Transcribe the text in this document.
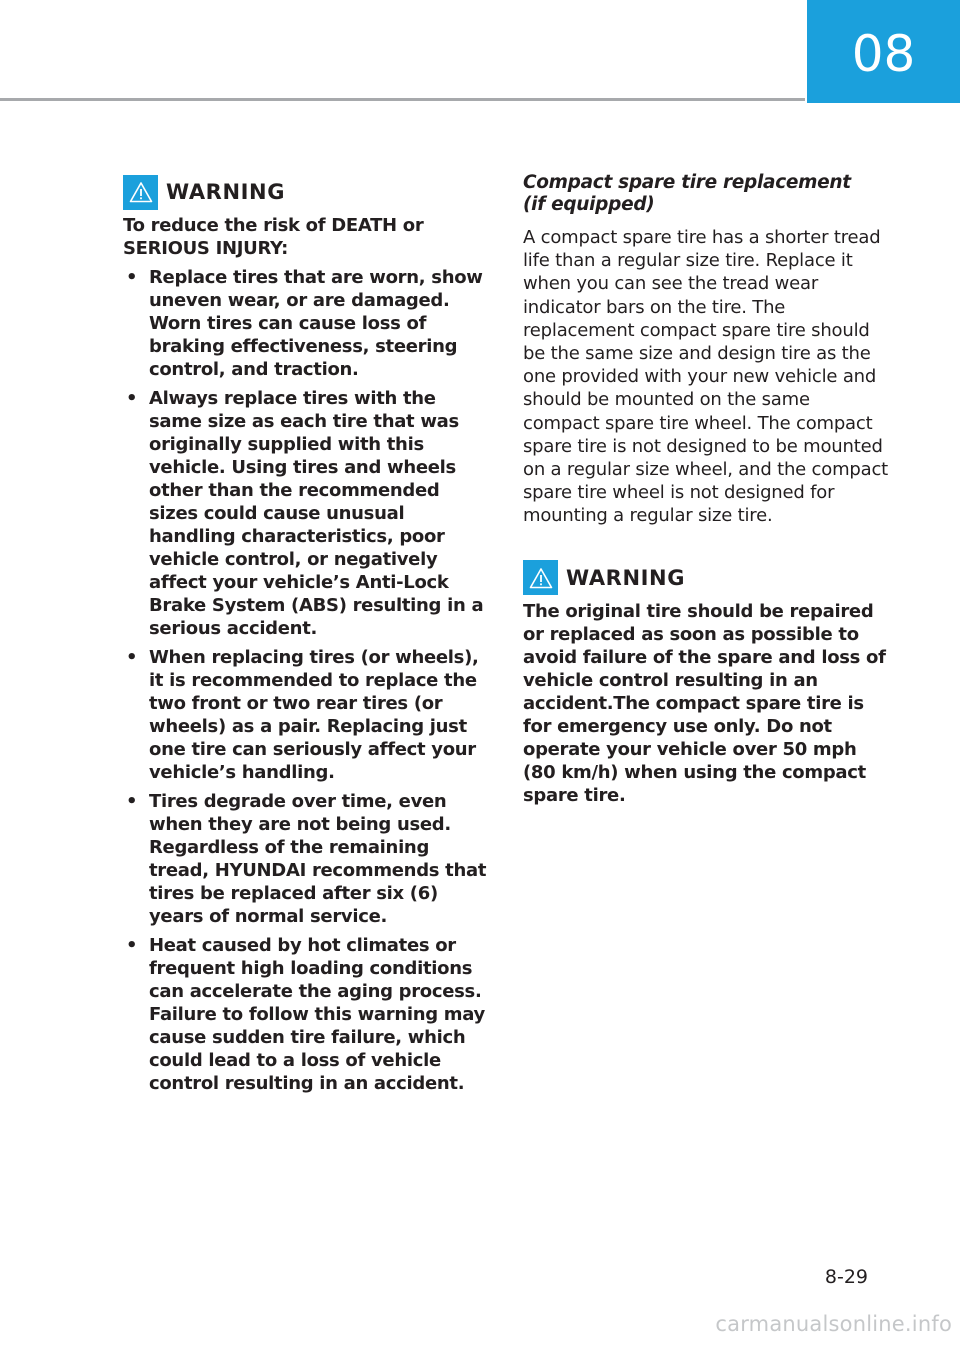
08
WARNING

To reduce the risk of DEATH or SERIOUS INJURY:

• Replace tires that are worn, show uneven wear, or are damaged. Worn tires can cause loss of braking effectiveness, steering control, and traction.
• Always replace tires with the same size as each tire that was originally supplied with this vehicle. Using tires and wheels other than the recommended sizes could cause unusual handling characteristics, poor vehicle control, or negatively affect your vehicle’s Anti-Lock Brake System (ABS) resulting in a serious accident.
• When replacing tires (or wheels), it is recommended to replace the two front or two rear tires (or wheels) as a pair. Replacing just one tire can seriously affect your vehicle’s handling.
• Tires degrade over time, even when they are not being used. Regardless of the remaining tread, HYUNDAI recommends that tires be replaced after six (6) years of normal service.
• Heat caused by hot climates or frequent high loading conditions can accelerate the aging process. Failure to follow this warning may cause sudden tire failure, which could lead to a loss of vehicle control resulting in an accident.

Compact spare tire replacement
(if equipped)

A compact spare tire has a shorter tread life than a regular size tire. Replace it when you can see the tread wear indicator bars on the tire. The replacement compact spare tire should be the same size and design tire as the one provided with your new vehicle and should be mounted on the same compact spare tire wheel. The compact spare tire is not designed to be mounted on a regular size wheel, and the compact spare tire wheel is not designed for mounting a regular size tire.

WARNING

The original tire should be repaired or replaced as soon as possible to avoid failure of the spare and loss of vehicle control resulting in an accident.The compact spare tire is for emergency use only. Do not operate your vehicle over 50 mph (80 km/h) when using the compact spare tire.

8-29
carmanualsonline.info
